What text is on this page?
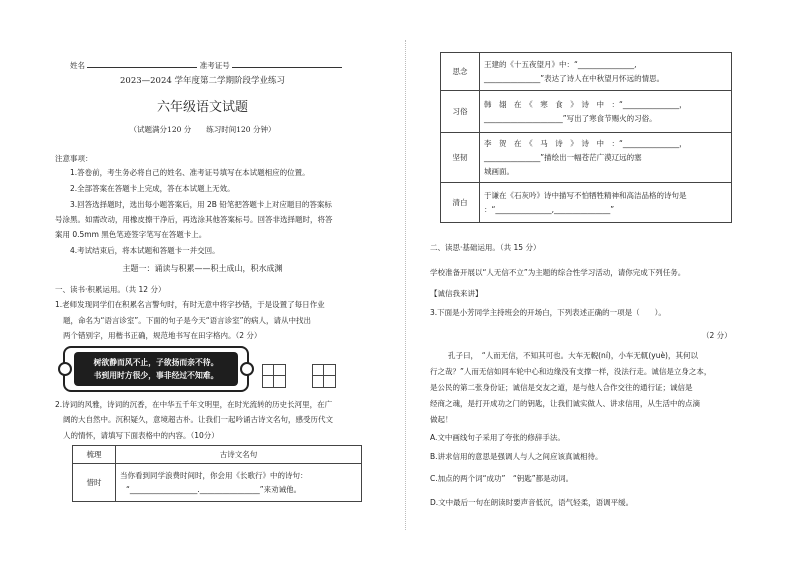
姓名	准考证号
2023—2024 学年度第二学期阶段学业练习
六年级语文试题
（试题满分120 分　　练习时间120 分钟）
注意事项：
1.答卷前，考生务必将自己的姓名、准考证号填写在本试题相应的位置。
2.全部答案在答题卡上完成，答在本试题上无效。
3.回答选择题时，选出每小题答案后，用 2B 铅笔把答题卡上对应题目的答案标
号涂黑。如需改动，用橡皮擦干净后，再选涂其他答案标号。回答非选择题时，将答
案用 0.5mm 黑色笔迹签字笔写在答题卡上。
4.考试结束后，将本试题和答题卡一并交回。
主题一：诵读与积累——积土成山，积水成渊
一、读书·积累运用。（共 12 分）
1.老师发现同学们在积累名言警句时，有时无意中将字抄错，于是设置了每日作业
题，命名为“语言诊室”。下面的句子是今天“语言诊室”的病人，请从中找出
两个错别字，用楷书正确，规范地书写在田字格内。（2 分）
树欲静而风不止，子欲扬而亲不待。
书到用时方很少，事非经过不知难。
2.诗词的风雅，诗词的沉香，在中华五千年文明里，在时光流转的历史长河里，在广
阔的大自然中。沉积疑久，意境超古朴。让我们一起吟诵古诗文名句，感受历代文
人的情怀，请填写下面表格中的内容。（10分）
梳理	古诗文名句
惜时	当你看到同学浪费时间时，你会用《长歌行》中的诗句：
“__________________.________________”来劝诫他。
思念	王建的《十五夜望月》中：“_______________,
_______________”表达了诗人在中秋望月怀远的情思。

习俗	韩　翃　在　《　寒　食　》　诗　中　：“_______________，
_____________________”写出了寒食节赐火的习俗。

坚韧	李　贺　在　《　马　诗　》　诗　中　：“_______________，
_______________”描绘出一幅苍茫广漠辽远的塞
城画面。

清白	于谦在《石灰吟》诗中描写不怕牺牲精神和高洁品格的诗句是
：“_______________,_______________”
二、读思·基础运用。（共 15 分）
学校准备开展以“人无信不立”为主题的综合性学习活动，请你完成下列任务。
【诚信我来讲】
3.下面是小芳同学主持班会的开场白，下列表述正确的一项是（　　）。
（2 分）
孔子曰，　“人而无信，不知其可也。大车无輗(ní)，小车无軏(yuè)，其何以
行之哉？”人而无信如同车轮中心和边缘没有支撑一样，没法行走。诚信是立身之本，
是公民的第二张身份证；诚信是交友之道，是与他人合作交往的通行证；诚信是
经商之魂，是打开成功之门的钥匙，让我们诚实做人、讲求信用，从生活中的点滴
做起！
A.文中画线句子采用了夸张的修辞手法。
B.讲求信用的意思是强调人与人之间应该真诚相待。
C.加点的两个词“成功”　“钥匙”都是动词。
D.文中最后一句在朗读时要声音低沉，语气轻柔，语调平缓。
